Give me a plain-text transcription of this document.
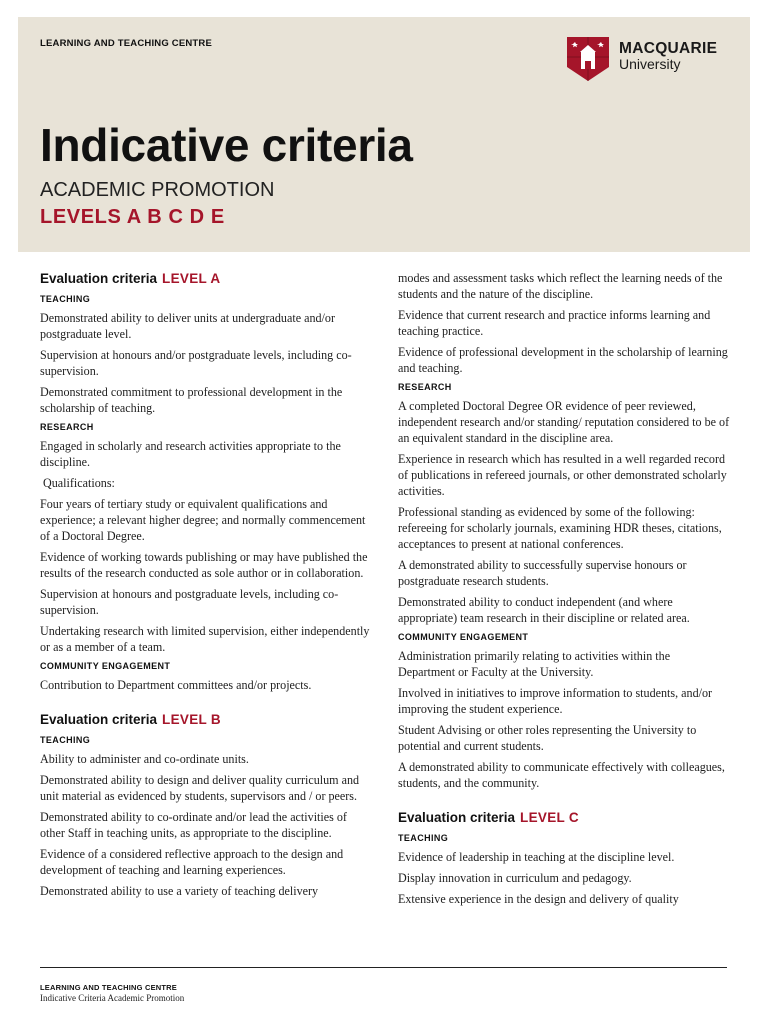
LEARNING AND TEACHING CENTRE	MACQUARIE
University
Indicative criteria
ACADEMIC PROMOTION
LEVELS A B C D E
Evaluation criteria LEVEL A
TEACHING

Demonstrated ability to deliver units at undergraduate and/or postgraduate level.

Supervision at honours and/or postgraduate levels, including co-supervision.

Demonstrated commitment to professional development in the scholarship of teaching.

RESEARCH

Engaged in scholarly and research activities appropriate to the discipline.

Qualifications:

Four years of tertiary study or equivalent qualifications and experience; a relevant higher degree; and normally commencement of a Doctoral Degree.

Evidence of working towards publishing or may have published the results of the research conducted as sole author or in collaboration.

Supervision at honours and postgraduate levels, including co-supervision.

Undertaking research with limited supervision, either independently or as a member of a team.

COMMUNITY ENGAGEMENT

Contribution to Department committees and/or projects.

Evaluation criteria LEVEL B
TEACHING

Ability to administer and co-ordinate units.

Demonstrated ability to design and deliver quality curriculum and unit material as evidenced by students, supervisors and / or peers.

Demonstrated ability to co-ordinate and/or lead the activities of other Staff in teaching units, as appropriate to the discipline.

Evidence of a considered reflective approach to the design and development of teaching and learning experiences.

Demonstrated ability to use a variety of teaching delivery

modes and assessment tasks which reflect the learning needs of the students and the nature of the discipline.

Evidence that current research and practice informs learning and teaching practice.

Evidence of professional development in the scholarship of learning and teaching.

RESEARCH

A completed Doctoral Degree OR evidence of peer reviewed, independent research and/or standing/ reputation considered to be of an equivalent standard in the discipline area.

Experience in research which has resulted in a well regarded record of publications in refereed journals, or other demonstrated scholarly activities.

Professional standing as evidenced by some of the following: refereeing for scholarly journals, examining HDR theses, citations, acceptances to present at national conferences.

A demonstrated ability to successfully supervise honours or postgraduate research students.

Demonstrated ability to conduct independent (and where appropriate) team research in their discipline or related area.

COMMUNITY ENGAGEMENT

Administration primarily relating to activities within the Department or Faculty at the University.

Involved in initiatives to improve information to students, and/or improving the student experience.

Student Advising or other roles representing the University to potential and current students.

A demonstrated ability to communicate effectively with colleagues, students, and the community.

Evaluation criteria LEVEL C
TEACHING

Evidence of leadership in teaching at the discipline level.

Display innovation in curriculum and pedagogy.

Extensive experience in the design and delivery of quality

LEARNING AND TEACHING CENTRE
Indicative Criteria Academic Promotion
